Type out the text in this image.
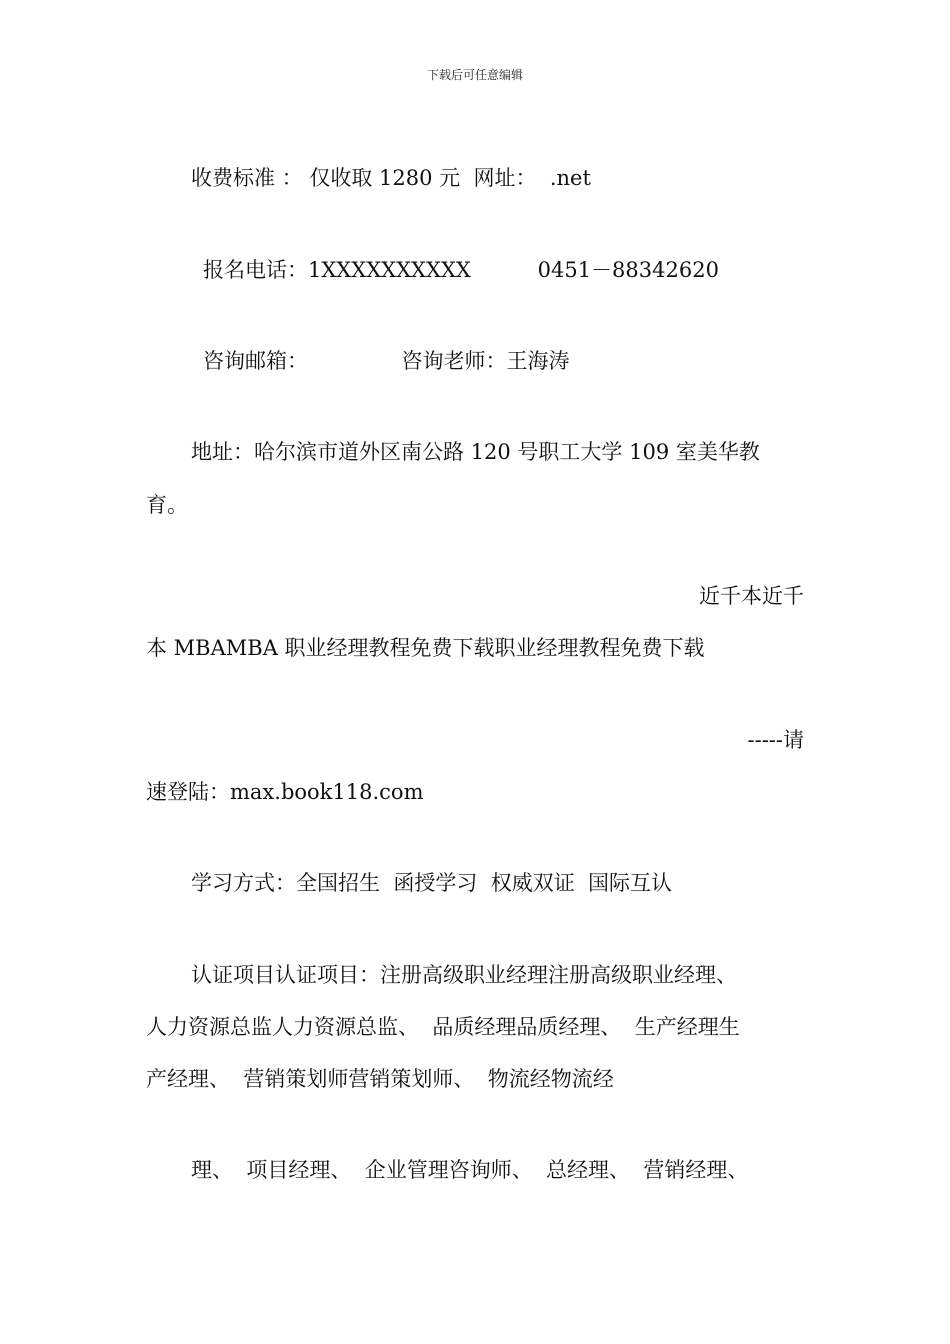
下载后可任意编辑
收费标准 ： 仅收取 1280 元  网址：  .net
报名电话：1XXXXXXXXXX          0451－88342620
咨询邮箱：              咨询老师：王海涛
地址：哈尔滨市道外区南公路 120 号职工大学 109 室美华教
育。
近千本近千
本 MBAMBA 职业经理教程免费下载职业经理教程免费下载
-----请
速登陆：max.book118.com
学习方式：全国招生  函授学习  权威双证  国际互认
认证项目认证项目：注册高级职业经理注册高级职业经理、
人力资源总监人力资源总监、  品质经理品质经理、  生产经理生
产经理、  营销策划师营销策划师、  物流经物流经
理、  项目经理、  企业管理咨询师、  总经理、  营销经理、
